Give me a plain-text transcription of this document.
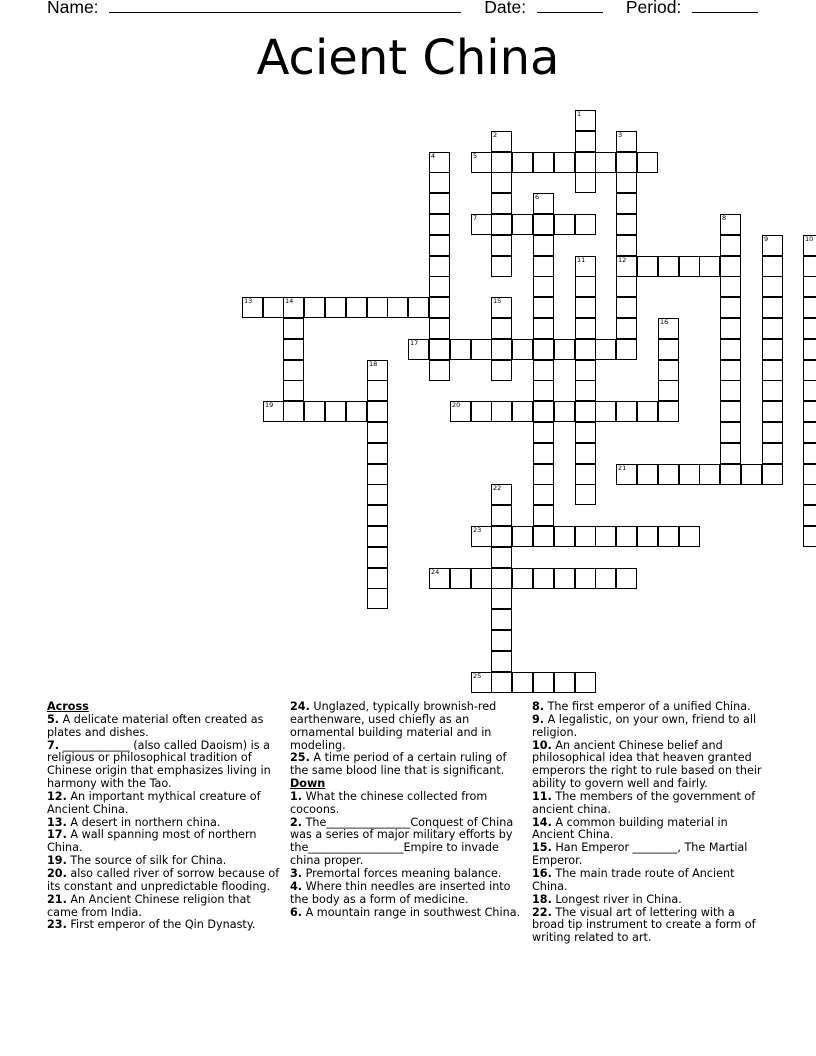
Name:	Date:	Period:
Acient China
5
7
12
13
17
19	20
21
23
24
25
1
2	3
4
6
8
9	10
11
14	15
16
18
22
Across
5. A delicate material often created as plates and dishes.
7. ____________ (also called Daoism) is a religious or philosophical tradition of Chinese origin that emphasizes living in harmony with the Tao.
12. An important mythical creature of Ancient China.
13. A desert in northern china.
17. A wall spanning most of northern China.
19. The source of silk for China.
20. also called river of sorrow because of its constant and unpredictable flooding.
21. An Ancient Chinese religion that came from India.
23. First emperor of the Qin Dynasty.
24. Unglazed, typically brownish-red earthenware, used chiefly as an ornamental building material and in modeling.
25. A time period of a certain ruling of the same blood line that is significant.
Down
1. What the chinese collected from cocoons.
2. The_______________Conquest of China was a series of major military efforts by the_________________Empire to invade china proper.
3. Premortal forces meaning balance.
4. Where thin needles are inserted into the body as a form of medicine.
6. A mountain range in southwest China.
8. The first emperor of a unified China.
9. A legalistic, on your own, friend to all religion.
10. An ancient Chinese belief and philosophical idea that heaven granted emperors the right to rule based on their ability to govern well and fairly.
11. The members of the government of ancient china.
14. A common building material in Ancient China.
15. Han Emperor ________, The Martial Emperor.
16. The main trade route of Ancient China.
18. Longest river in China.
22. The visual art of lettering with a broad tip instrument to create a form of writing related to art.
